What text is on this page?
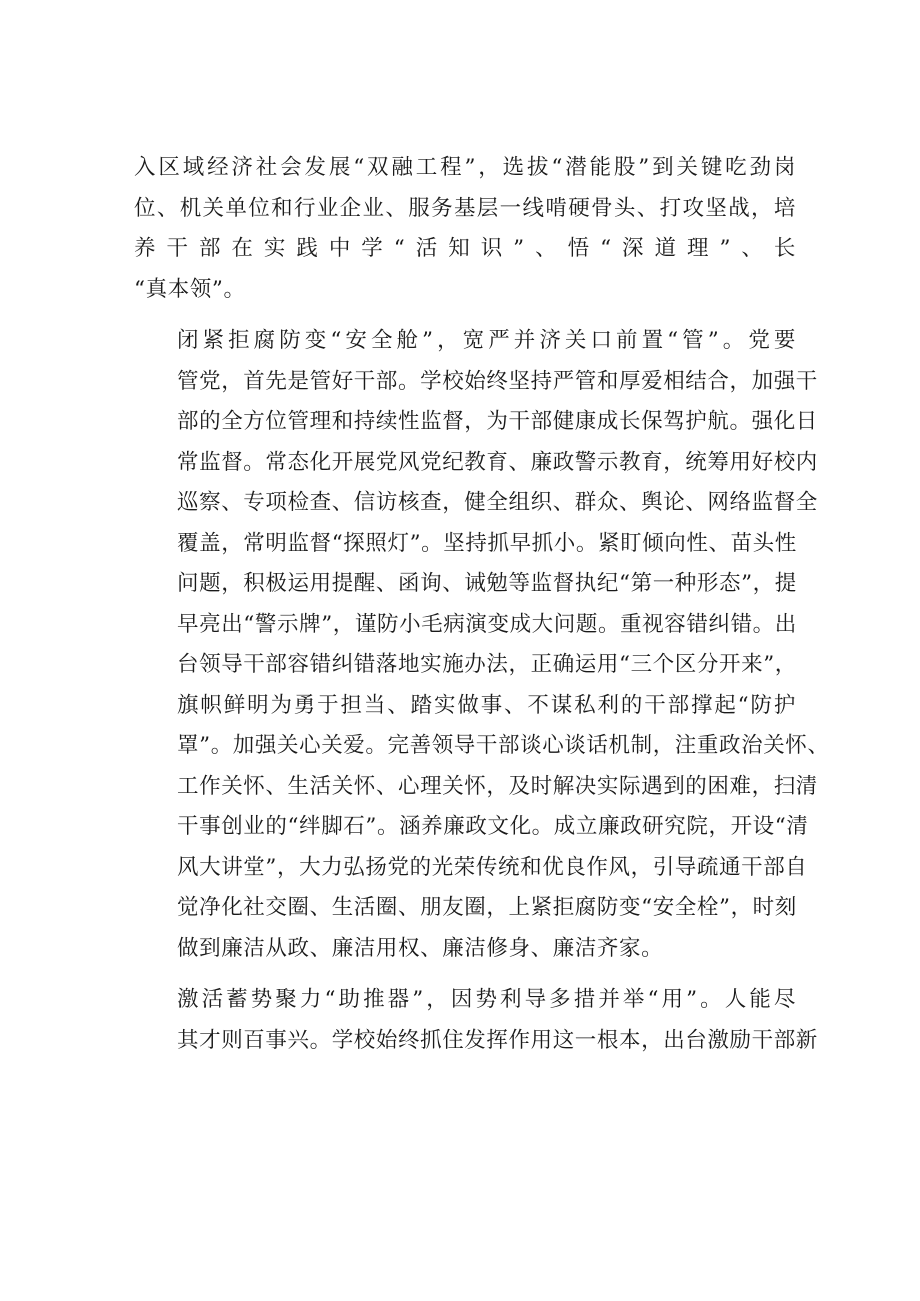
入区域经济社会发展“双融工程”，选拔“潜能股”到关键吃劲岗
位、机关单位和行业企业、服务基层一线啃硬骨头、打攻坚战，培
养干部在实践中学“活知识”、悟“深道理”、长
“真本领”。
闭紧拒腐防变“安全舱”，宽严并济关口前置“管”。党要
管党，首先是管好干部。学校始终坚持严管和厚爱相结合，加强干
部的全方位管理和持续性监督，为干部健康成长保驾护航。强化日
常监督。常态化开展党风党纪教育、廉政警示教育，统筹用好校内
巡察、专项检查、信访核查，健全组织、群众、舆论、网络监督全
覆盖，常明监督“探照灯”。坚持抓早抓小。紧盯倾向性、苗头性
问题，积极运用提醒、函询、诫勉等监督执纪“第一种形态”，提
早亮出“警示牌”，谨防小毛病演变成大问题。重视容错纠错。出
台领导干部容错纠错落地实施办法，正确运用“三个区分开来”，
旗帜鲜明为勇于担当、踏实做事、不谋私利的干部撑起“防护
罩”。加强关心关爱。完善领导干部谈心谈话机制，注重政治关怀、
工作关怀、生活关怀、心理关怀，及时解决实际遇到的困难，扫清
干事创业的“绊脚石”。涵养廉政文化。成立廉政研究院，开设“清
风大讲堂”，大力弘扬党的光荣传统和优良作风，引导疏通干部自
觉净化社交圈、生活圈、朋友圈，上紧拒腐防变“安全栓”，时刻
做到廉洁从政、廉洁用权、廉洁修身、廉洁齐家。
激活蓄势聚力“助推器”，因势利导多措并举“用”。人能尽
其才则百事兴。学校始终抓住发挥作用这一根本，出台激励干部新
